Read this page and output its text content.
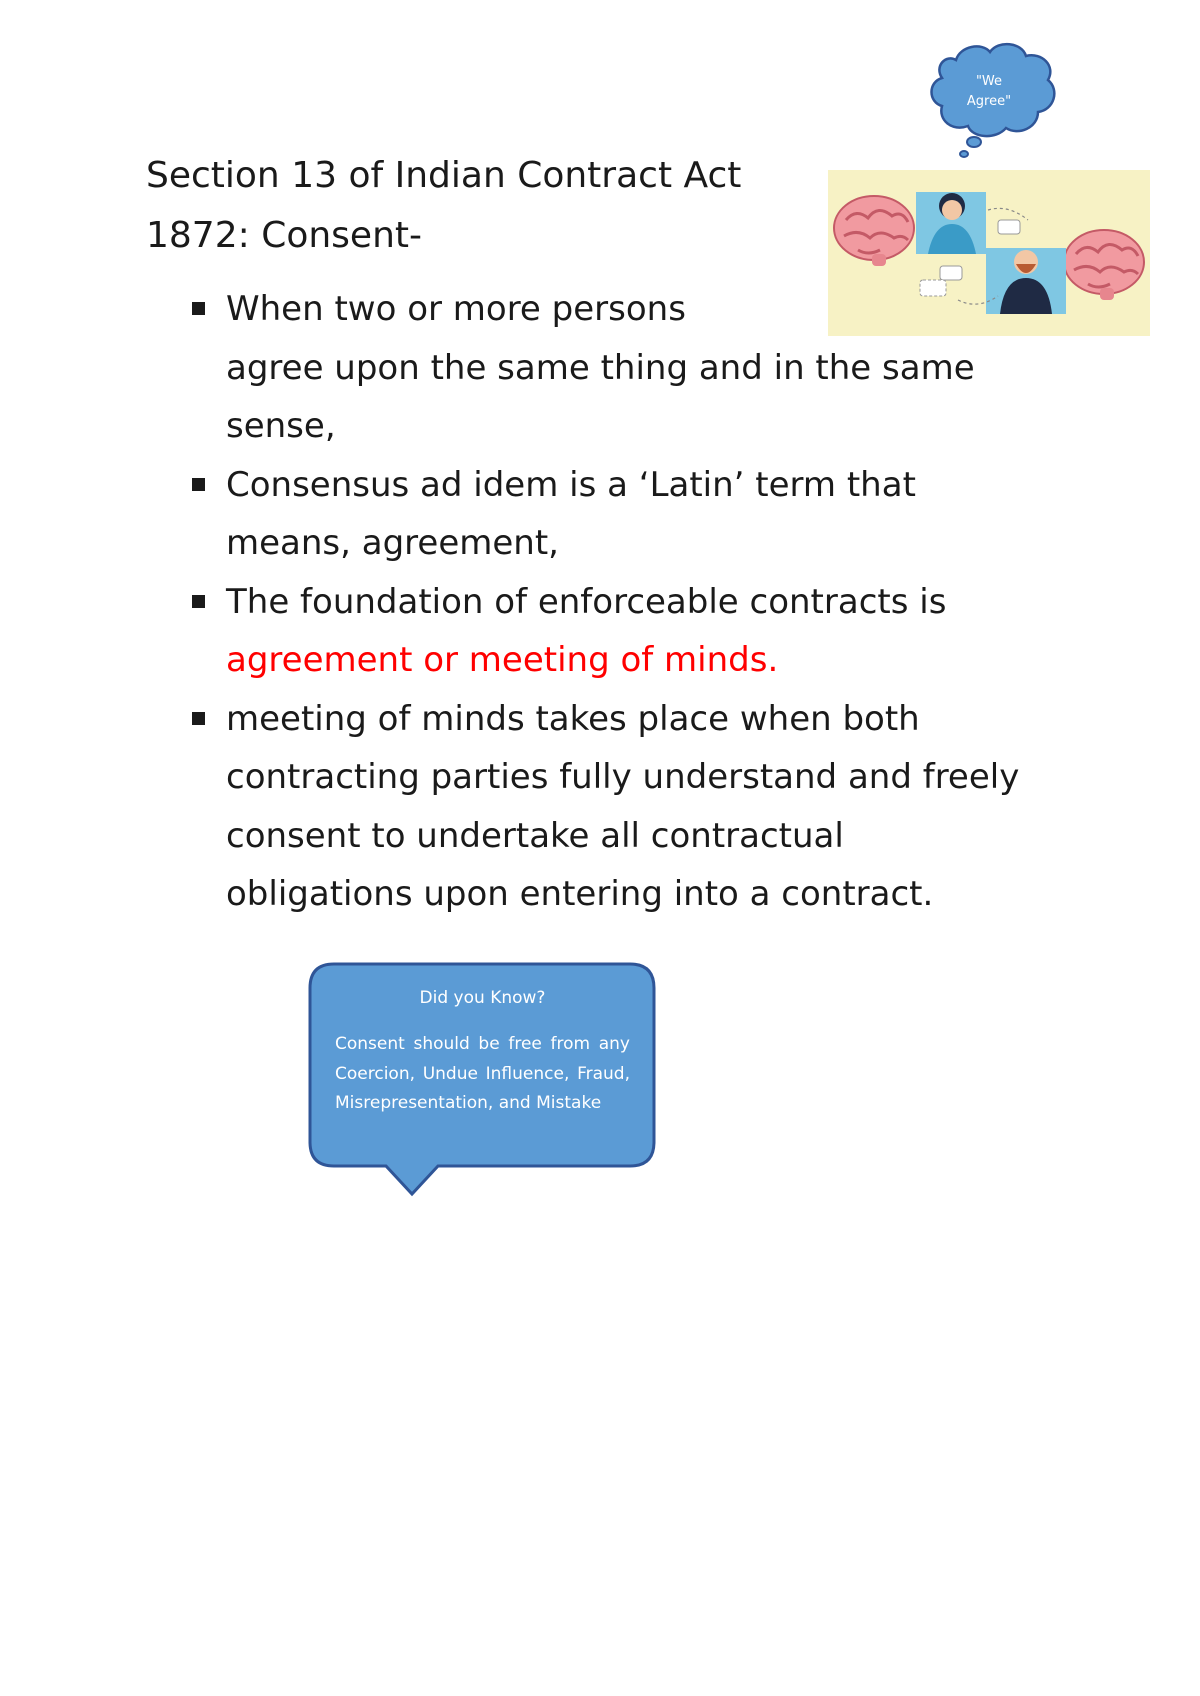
Section 13 of Indian Contract Act
1872: Consent-
"We
Agree"
When two or more persons
agree upon the same thing and in the same
sense,
Consensus ad idem is a ‘Latin’ term that
means, agreement,
The foundation of enforceable contracts is
agreement or meeting of minds.
meeting of minds takes place when both
contracting parties fully understand and freely
consent to undertake all contractual
obligations upon entering into a contract.
Did you Know?
Consent should be free from any Coercion, Undue Influence, Fraud, Misrepresentation, and Mistake
